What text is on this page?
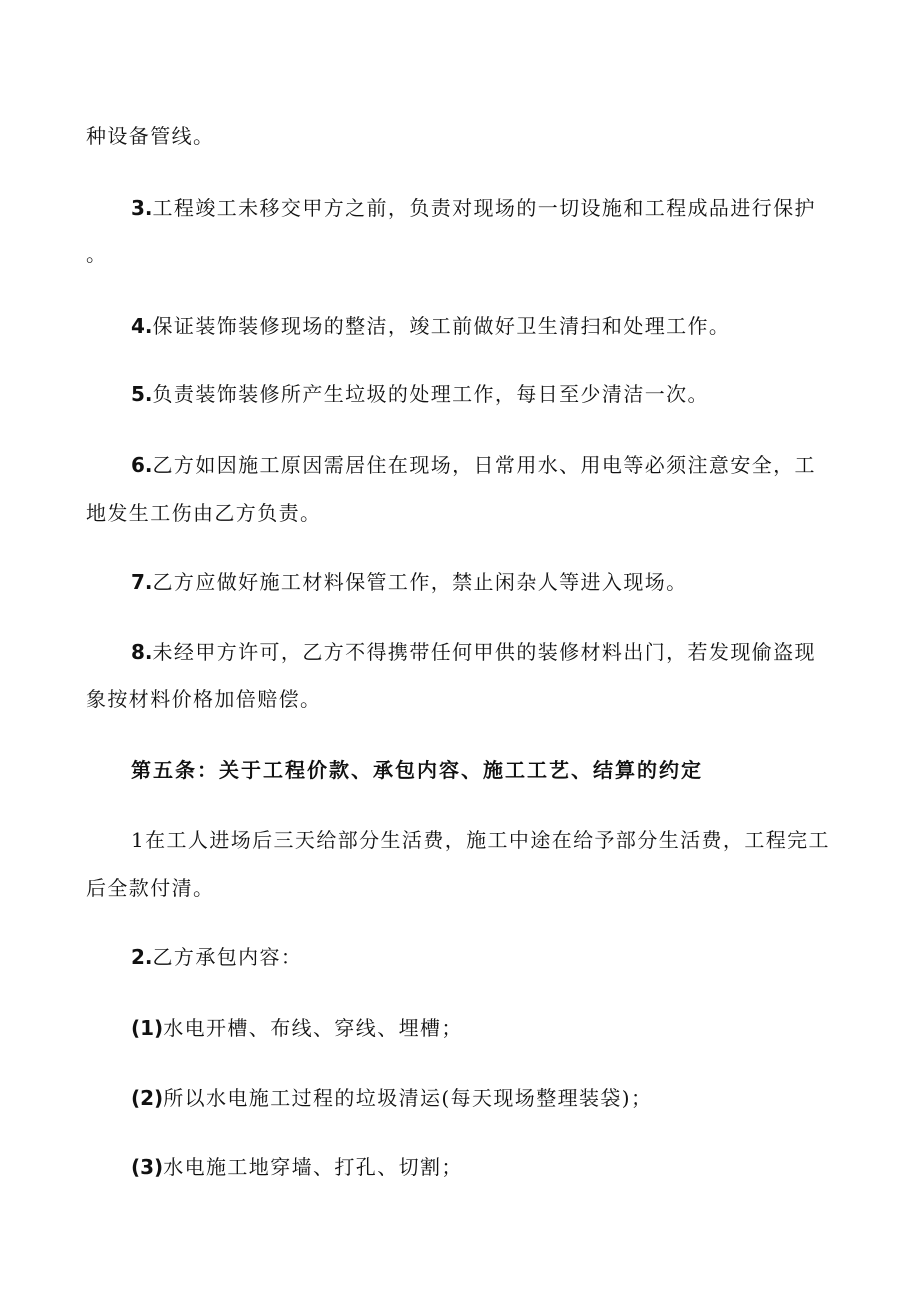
种设备管线。
3.工程竣工未移交甲方之前，负责对现场的一切设施和工程成品进行保护
。
4.保证装饰装修现场的整洁，竣工前做好卫生清扫和处理工作。
5.负责装饰装修所产生垃圾的处理工作，每日至少清洁一次。
6.乙方如因施工原因需居住在现场，日常用水、用电等必须注意安全，工
地发生工伤由乙方负责。
7.乙方应做好施工材料保管工作，禁止闲杂人等进入现场。
8.未经甲方许可，乙方不得携带任何甲供的装修材料出门，若发现偷盗现
象按材料价格加倍赔偿。
第五条：关于工程价款、承包内容、施工工艺、结算的约定
1在工人进场后三天给部分生活费，施工中途在给予部分生活费，工程完工
后全款付清。
2.乙方承包内容：
(1)水电开槽、布线、穿线、埋槽；
(2)所以水电施工过程的垃圾清运(每天现场整理装袋)；
(3)水电施工地穿墙、打孔、切割；
